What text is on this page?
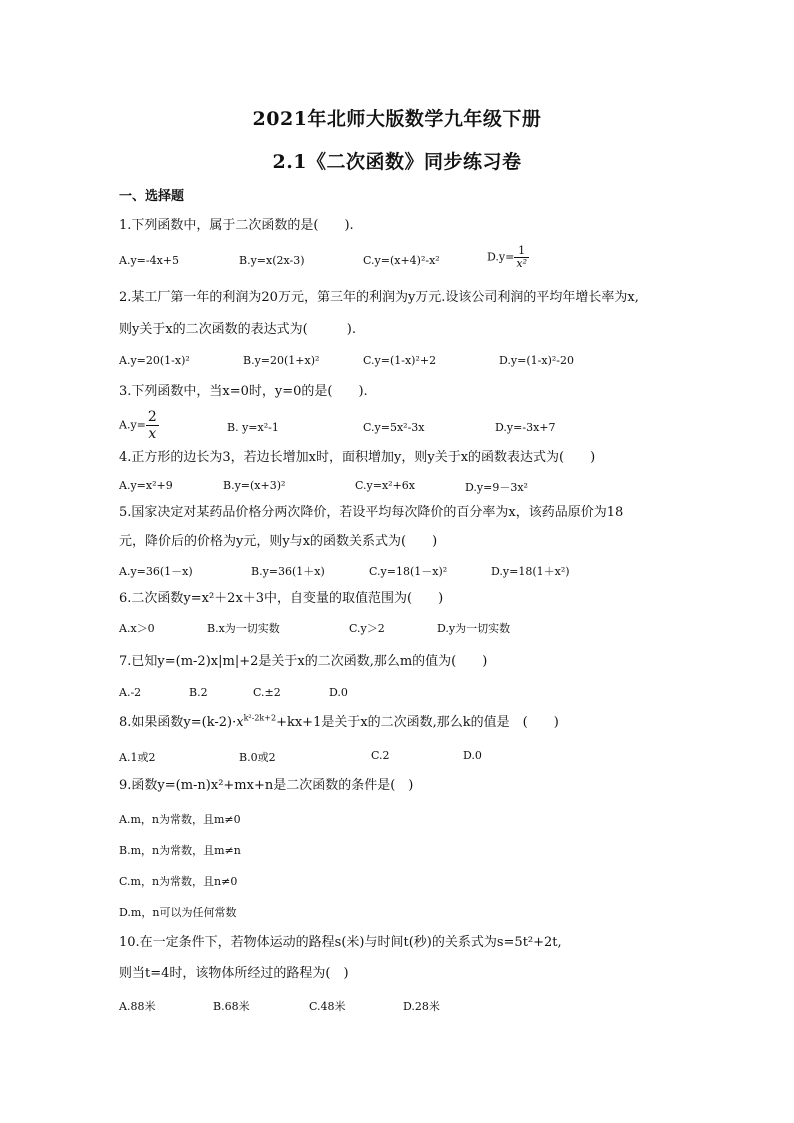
2021年北师大版数学九年级下册
2.1《二次函数》同步练习卷
一、选择题
1.下列函数中，属于二次函数的是(　　).
A.y=-4x+5	B.y=x(2x-3)	C.y=(x+4)²-x²	$D.y= \frac{1}{\text{x²}}$
2.某工厂第一年的利润为20万元，第三年的利润为y万元.设该公司利润的平均年增长率为x,
则y关于x的二次函数的表达式为(　　　).
A.y=20(1-x)²	B.y=20(1+x)²	C.y=(1-x)²+2	D.y=(1-x)²-20
3.下列函数中，当x=0时，y=0的是(　　).
$A.y= \frac{2}{x}$	B. y=x²-1	C.y=5x²-3x	D.y=-3x+7
4.正方形的边长为3，若边长增加x时，面积增加y，则y关于x的函数表达式为(　　)
A.y=x²+9	B.y=(x+3)²	C.y=x²+6x	D.y=9－3x²
5.国家决定对某药品价格分两次降价，若设平均每次降价的百分率为x，该药品原价为18
元，降价后的价格为y元，则y与x的函数关系式为(　　)
A.y=36(1－x)	B.y=36(1＋x)	C.y=18(1－x)²	D.y=18(1＋x²)
6.二次函数y=x²＋2x＋3中，自变量的取值范围为(　　)
A.x＞0	B.x为一切实数	C.y＞2	D.y为一切实数
7.已知y=(m-2)x|m|+2是关于x的二次函数,那么m的值为(　　)
A.-2	B.2	C.±2	D.0
8.如果函数$y=(k-2)\cdot x^{k^2-2k+2}+kx+1$是关于x的二次函数,那么k的值是　(　　)
A.1或2	B.0或2	C.2	D.0
9.函数y=(m-n)x²+mx+n是二次函数的条件是(　)
A.m，n为常数，且m≠0
B.m，n为常数，且m≠n
C.m，n为常数，且n≠0
D.m，n可以为任何常数
10.在一定条件下，若物体运动的路程s(米)与时间t(秒)的关系式为s=5t²+2t,
则当t=4时，该物体所经过的路程为(　)
A.88米	B.68米	C.48米	D.28米
